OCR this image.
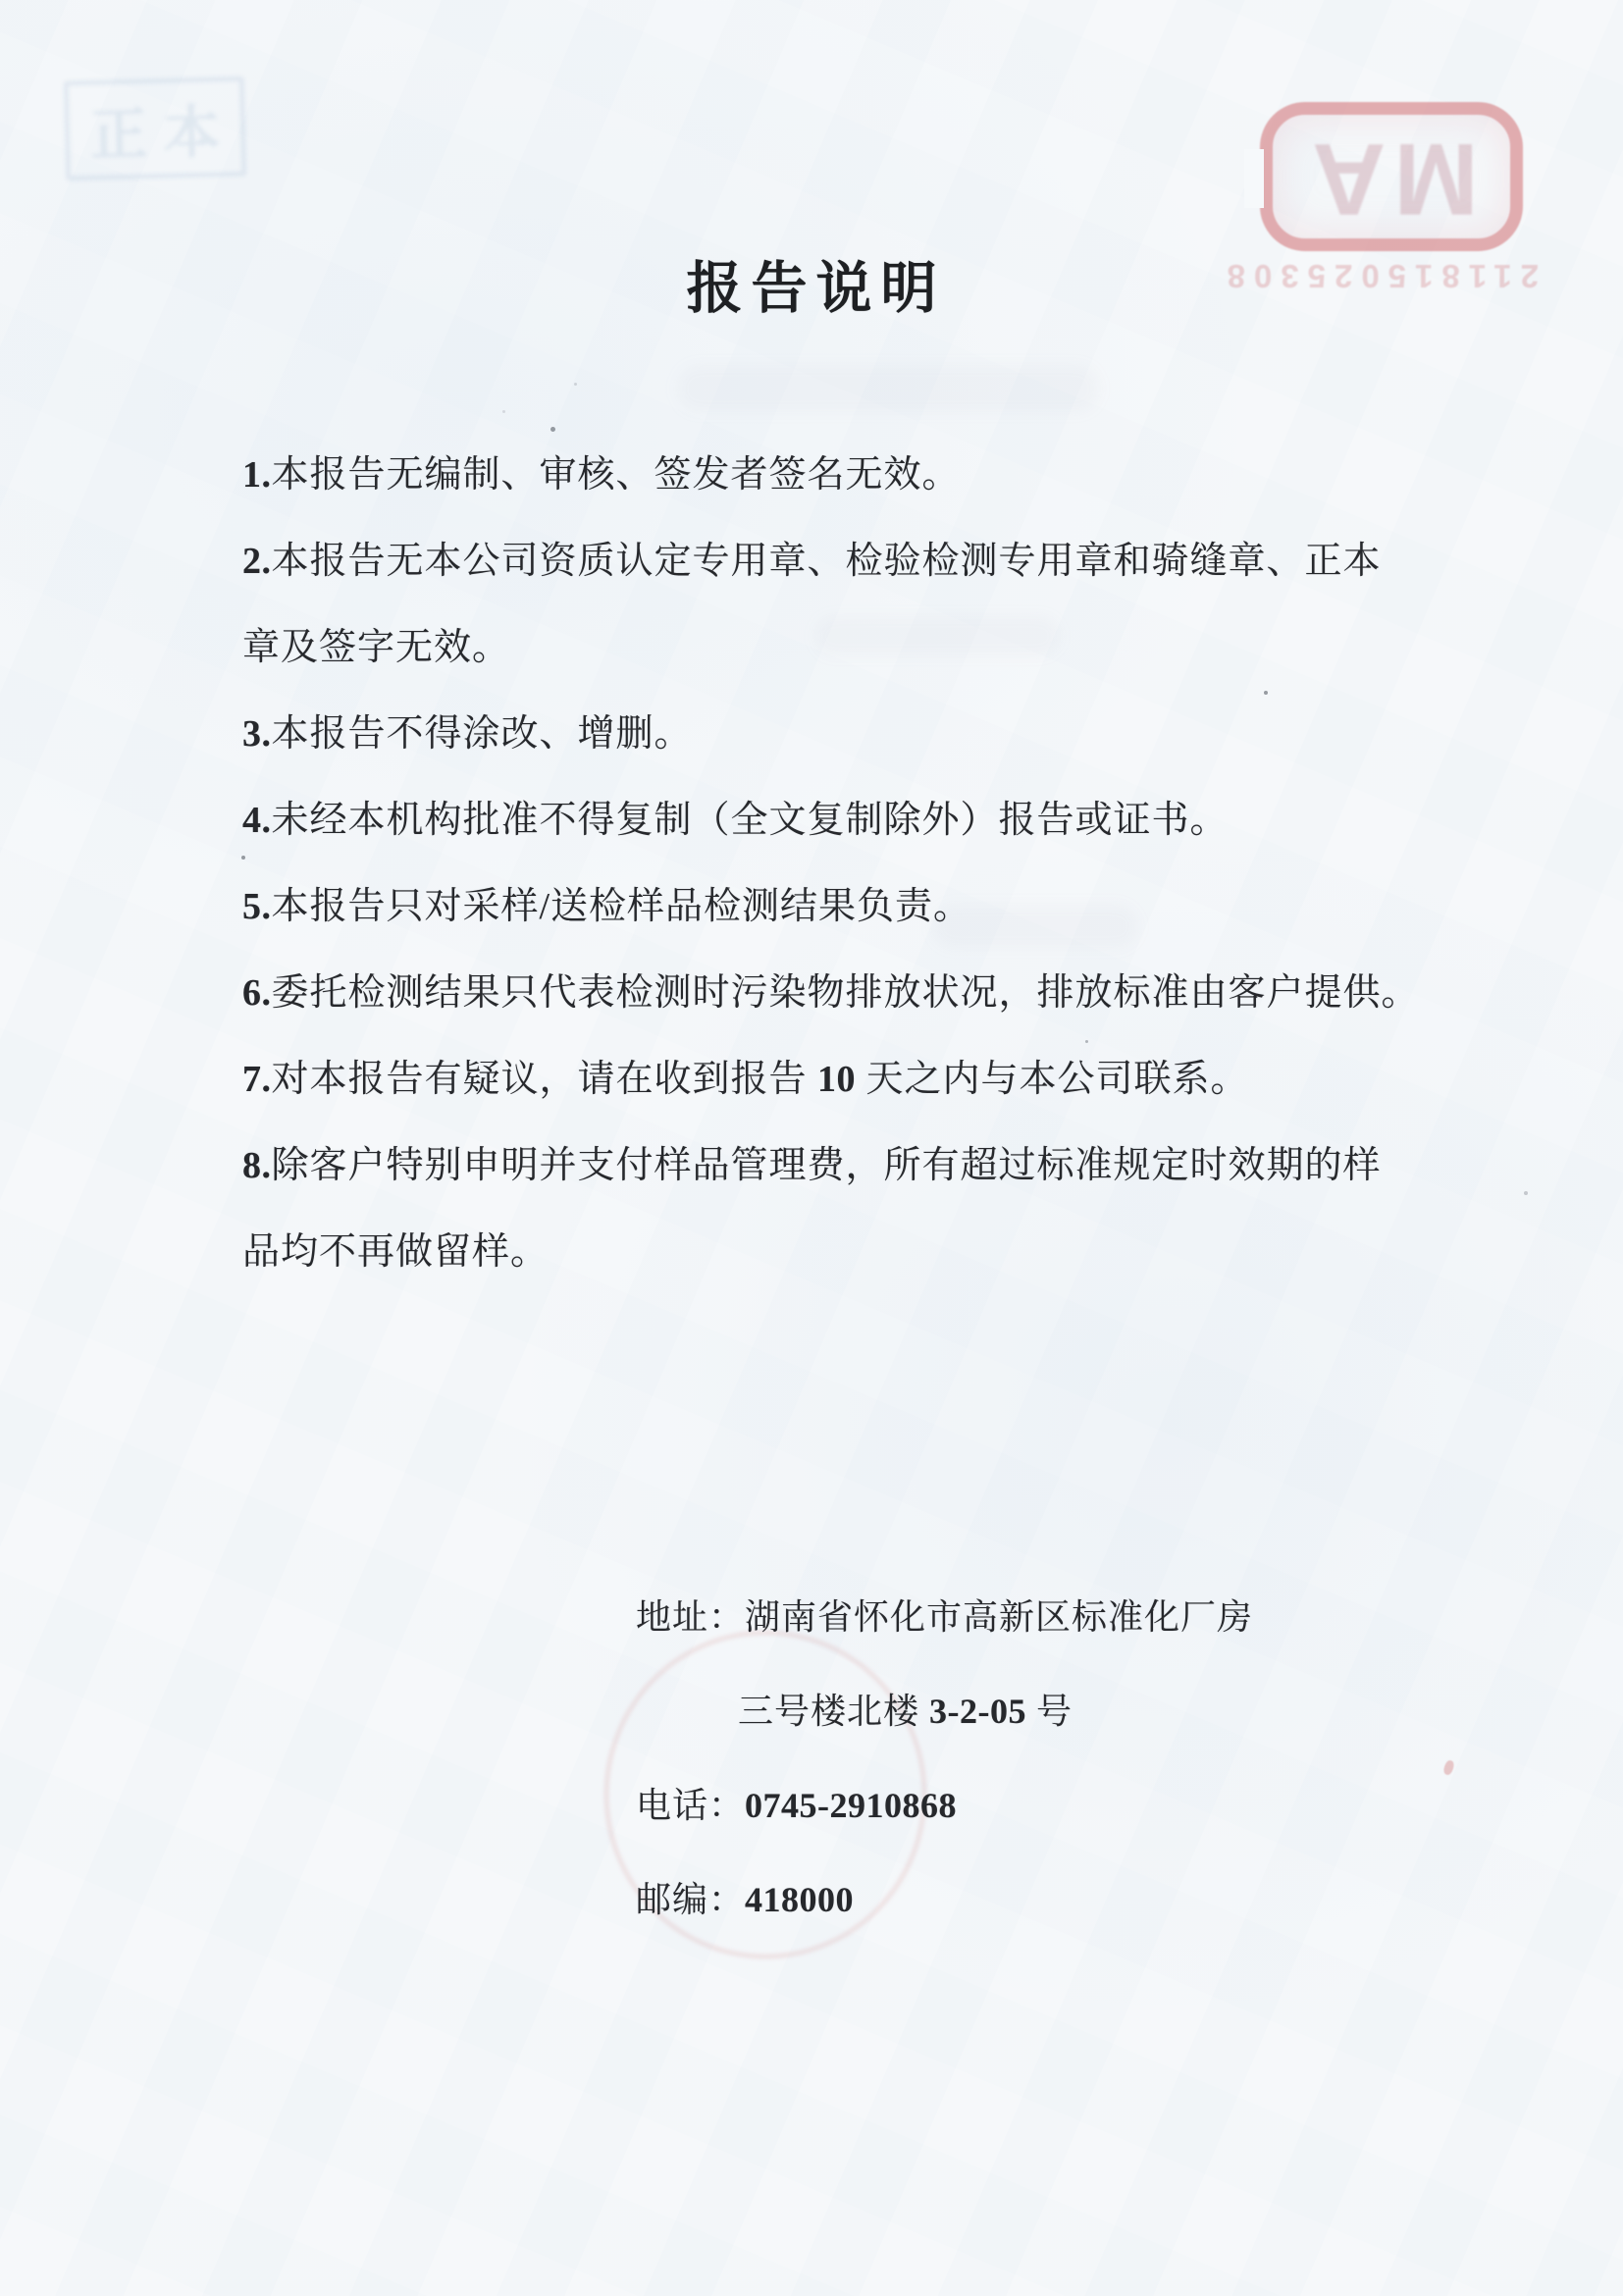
正本	MA
211815025308
报告说明
1.本报告无编制、审核、签发者签名无效。
2.本报告无本公司资质认定专用章、检验检测专用章和骑缝章、正本
章及签字无效。
3.本报告不得涂改、增删。
4.未经本机构批准不得复制（全文复制除外）报告或证书。
5.本报告只对采样/送检样品检测结果负责。
6.委托检测结果只代表检测时污染物排放状况，排放标准由客户提供。
7.对本报告有疑议，请在收到报告 10 天之内与本公司联系。
8.除客户特别申明并支付样品管理费，所有超过标准规定时效期的样
品均不再做留样。
地址：湖南省怀化市高新区标准化厂房
三号楼北楼 3-2-05 号
电话：0745-2910868
邮编：418000
